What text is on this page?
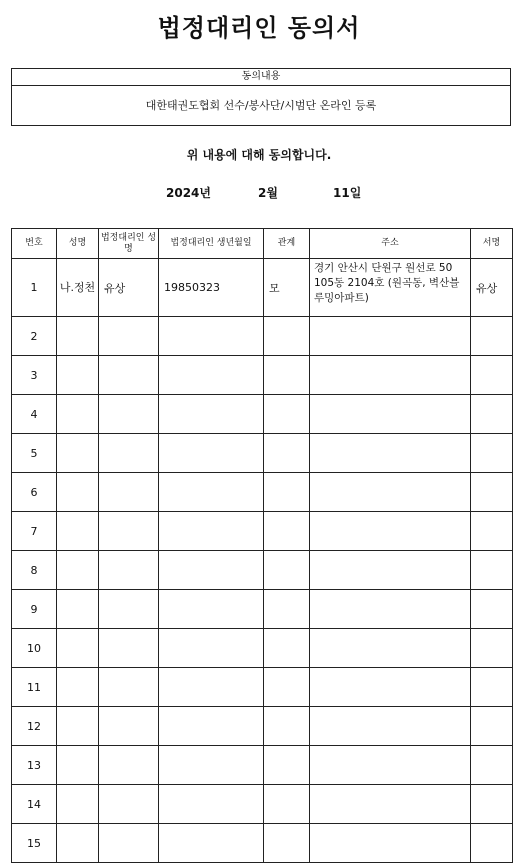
법정대리인 동의서
동의내용
대한태권도협회 선수/봉사단/시범단 온라인 등록
위 내용에 대해 동의합니다.
2024년	2월	11일
번호	성명	법정대리인 성명	법정대리인 생년월일	관계	주소	서명
1	나.정천	유상	19850323	모	경기 안산시 단원구 원선로 50 105동 2104호 (원곡동, 벽산블루밍아파트)	유상
2						
3						
4						
5						
6						
7						
8						
9						
10						
11						
12						
13						
14						
15						
